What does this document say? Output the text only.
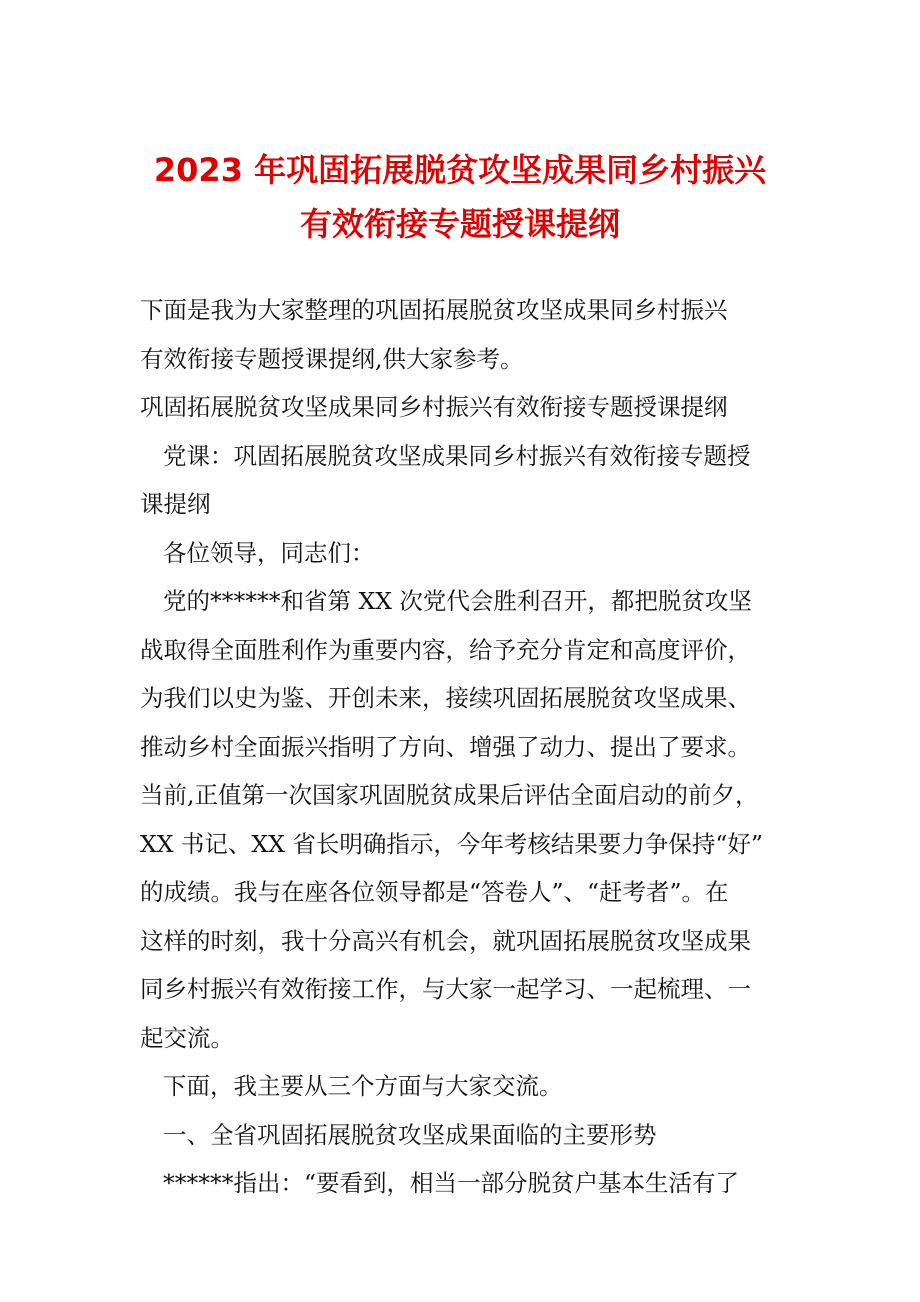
2023 年巩固拓展脱贫攻坚成果同乡村振兴
有效衔接专题授课提纲

下面是我为大家整理的巩固拓展脱贫攻坚成果同乡村振兴

有效衔接专题授课提纲,供大家参考。

巩固拓展脱贫攻坚成果同乡村振兴有效衔接专题授课提纲

党课：巩固拓展脱贫攻坚成果同乡村振兴有效衔接专题授

课提纲

各位领导，同志们：

党的******和省第 XX 次党代会胜利召开，都把脱贫攻坚

战取得全面胜利作为重要内容，给予充分肯定和高度评价，

为我们以史为鉴、开创未来，接续巩固拓展脱贫攻坚成果、

推动乡村全面振兴指明了方向、增强了动力、提出了要求。

当前,正值第一次国家巩固脱贫成果后评估全面启动的前夕，

XX 书记、XX 省长明确指示，今年考核结果要力争保持“好”

的成绩。我与在座各位领导都是“答卷人”、“赶考者”。在

这样的时刻，我十分高兴有机会，就巩固拓展脱贫攻坚成果

同乡村振兴有效衔接工作，与大家一起学习、一起梳理、一

起交流。

下面，我主要从三个方面与大家交流。

一、全省巩固拓展脱贫攻坚成果面临的主要形势

******指出：“要看到，相当一部分脱贫户基本生活有了
